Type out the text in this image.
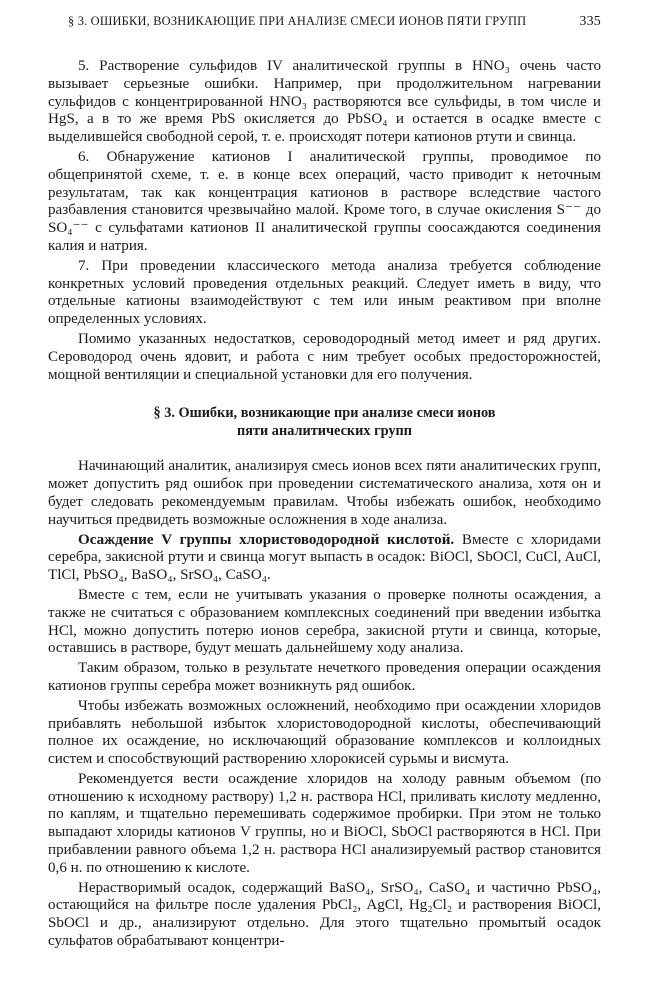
§ 3. ОШИБКИ, ВОЗНИКАЮЩИЕ ПРИ АНАЛИЗЕ СМЕСИ ИОНОВ ПЯТИ ГРУПП	335

5. Растворение сульфидов IV аналитической группы в HNO₃ очень часто вызывает серьезные ошибки. Например, при продолжительном нагревании сульфидов с концентрированной HNO₃ растворяются все сульфиды, в том числе и HgS, а в то же время PbS окисляется до PbSO₄ и остается в осадке вместе с выделившейся свободной серой, т. е. происходят потери катионов ртути и свинца.

6. Обнаружение катионов I аналитической группы, проводимое по общепринятой схеме, т. е. в конце всех операций, часто приводит к неточным результатам, так как концентрация катионов в растворе вследствие частого разбавления становится чрезвычайно малой. Кроме того, в случае окисления S⁻⁻ до SO₄⁻⁻ с сульфатами катионов II аналитической группы соосаждаются соединения калия и натрия.

7. При проведении классического метода анализа требуется соблюдение конкретных условий проведения отдельных реакций. Следует иметь в виду, что отдельные катионы взаимодействуют с тем или иным реактивом при вполне определенных условиях.

Помимо указанных недостатков, сероводородный метод имеет и ряд других. Сероводород очень ядовит, и работа с ним требует особых предосторожностей, мощной вентиляции и специальной установки для его получения.

§ 3. Ошибки, возникающие при анализе смеси ионов
пяти аналитических групп

Начинающий аналитик, анализируя смесь ионов всех пяти аналитических групп, может допустить ряд ошибок при проведении систематического анализа, хотя он и будет следовать рекомендуемым правилам. Чтобы избежать ошибок, необходимо научиться предвидеть возможные осложнения в ходе анализа.

Осаждение V группы хлористоводородной кислотой. Вместе с хлоридами серебра, закисной ртути и свинца могут выпасть в осадок: BiOCl, SbOCl, CuCl, AuCl, TlCl, PbSO₄, BaSO₄, SrSO₄, CaSO₄.

Вместе с тем, если не учитывать указания о проверке полноты осаждения, а также не считаться с образованием комплексных соединений при введении избытка HCl, можно допустить потерю ионов серебра, закисной ртути и свинца, которые, оставшись в растворе, будут мешать дальнейшему ходу анализа.

Таким образом, только в результате нечеткого проведения операции осаждения катионов группы серебра может возникнуть ряд ошибок.

Чтобы избежать возможных осложнений, необходимо при осаждении хлоридов прибавлять небольшой избыток хлористоводородной кислоты, обеспечивающий полное их осаждение, но исключающий образование комплексов и коллоидных систем и способствующий растворению хлорокисей сурьмы и висмута.

Рекомендуется вести осаждение хлоридов на холоду равным объемом (по отношению к исходному раствору) 1,2 н. раствора HCl, приливать кислоту медленно, по каплям, и тщательно перемешивать содержимое пробирки. При этом не только выпадают хлориды катионов V группы, но и BiOCl, SbOCl растворяются в HCl. При прибавлении равного объема 1,2 н. раствора HCl анализируемый раствор становится 0,6 н. по отношению к кислоте.

Нерастворимый осадок, содержащий BaSO₄, SrSO₄, CaSO₄ и частично PbSO₄, остающийся на фильтре после удаления PbCl₂, AgCl, Hg₂Cl₂ и растворения BiOCl, SbOCl и др., анализируют отдельно. Для этого тщательно промытый осадок сульфатов обрабатывают концентри-
